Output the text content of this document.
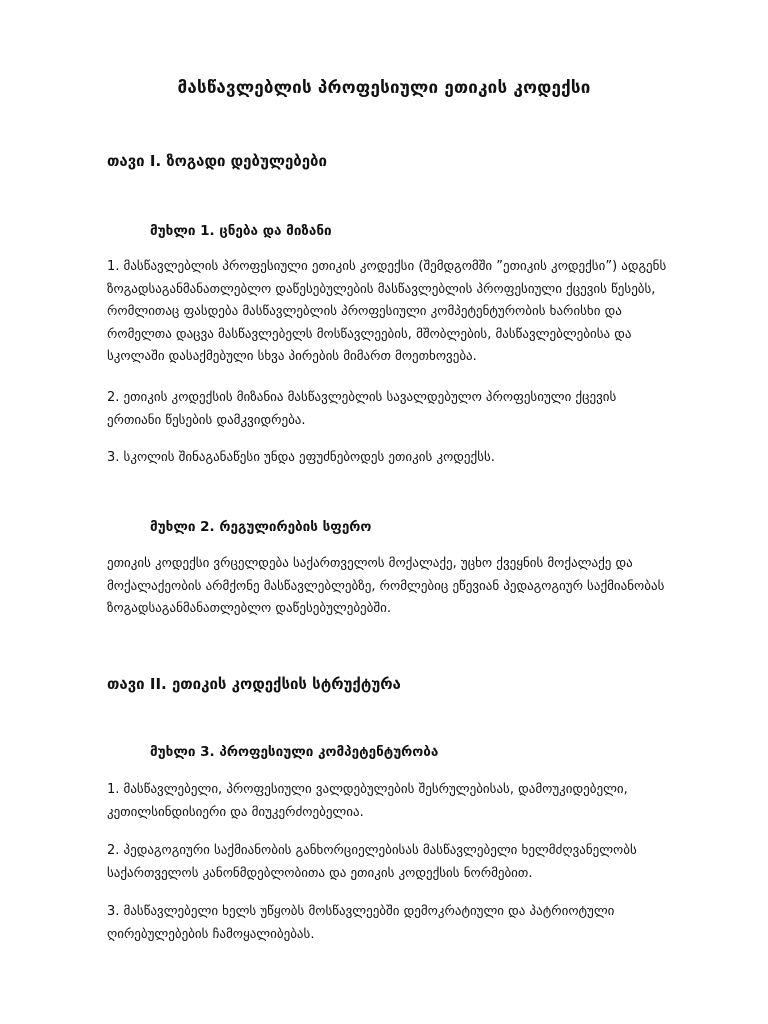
მასწავლებლის პროფესიული ეთიკის კოდექსი
თავი I. ზოგადი დებულებები
მუხლი 1. ცნება და მიზანი

1. მასწავლებლის პროფესიული ეთიკის კოდექსი (შემდგომში ”ეთიკის კოდექსი”) ადგენს ზოგადსაგანმანათლებლო დაწესებულების მასწავლებლის პროფესიული ქცევის წესებს, რომლითაც ფასდება მასწავლებლის პროფესიული კომპეტენტურობის ხარისხი და რომელთა დაცვა მასწავლებელს მოსწავლეების, მშობლების, მასწავლებლებისა და სკოლაში დასაქმებული სხვა პირების მიმართ მოეთხოვება.

2. ეთიკის კოდექსის მიზანია მასწავლებლის სავალდებულო პროფესიული ქცევის ერთიანი წესების დამკვიდრება.

3. სკოლის შინაგანაწესი უნდა ეფუძნებოდეს ეთიკის კოდექსს.

მუხლი 2. რეგულირების სფერო

ეთიკის კოდექსი ვრცელდება საქართველოს მოქალაქე, უცხო ქვეყნის მოქალაქე და მოქალაქეობის არმქონე მასწავლებლებზე, რომლებიც ეწევიან პედაგოგიურ საქმიანობას ზოგადსაგანმანათლებლო დაწესებულებებში.

თავი II. ეთიკის კოდექსის სტრუქტურა
მუხლი 3. პროფესიული კომპეტენტურობა

1. მასწავლებელი, პროფესიული ვალდებულების შესრულებისას, დამოუკიდებელი, კეთილსინდისიერი და მიუკერძოებელია.

2. პედაგოგიური საქმიანობის განხორციელებისას მასწავლებელი ხელმძღვანელობს საქართველოს კანონმდებლობითა და ეთიკის კოდექსის ნორმებით.

3. მასწავლებელი ხელს უწყობს მოსწავლეებში დემოკრატიული და პატრიოტული ღირებულებების ჩამოყალიბებას.
